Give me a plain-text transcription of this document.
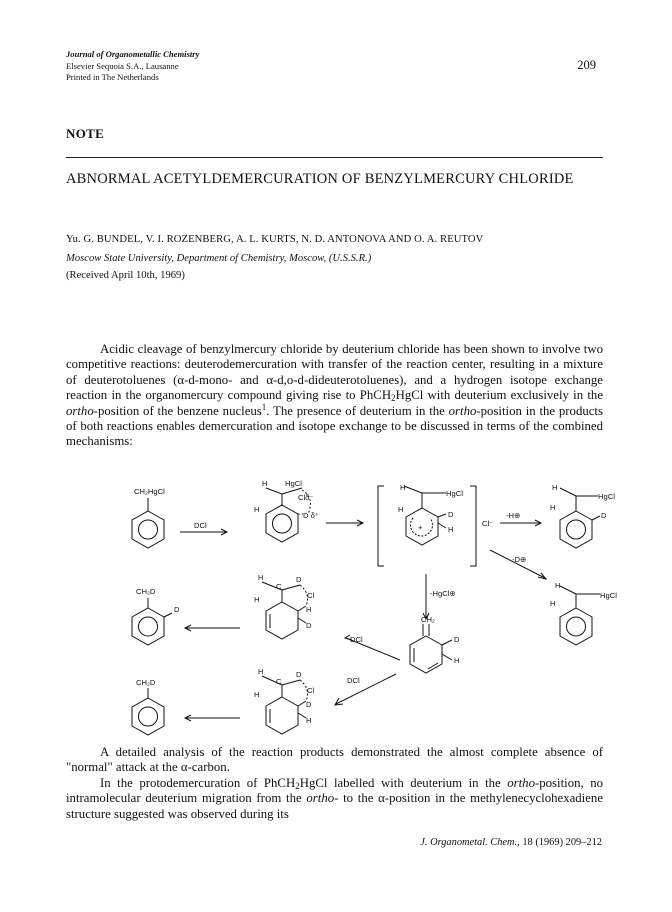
Journal of Organometallic Chemistry
Elsevier Sequoia S.A., Lausanne
Printed in The Netherlands
209
NOTE
ABNORMAL ACETYLDEMERCURATION OF BENZYLMERCURY CHLORIDE
Yu. G. BUNDEL, V. I. ROZENBERG, A. L. KURTS, N. D. ANTONOVA AND O. A. REUTOV
Moscow State University, Department of Chemistry, Moscow, (U.S.S.R.)
(Received April 10th, 1969)
Acidic cleavage of benzylmercury chloride by deuterium chloride has been shown to involve two competitive reactions: deuterodemercuration with transfer of the reaction center, resulting in a mixture of deuterotoluenes (α-d-mono- and α-d,o-d-dideuterotoluenes), and a hydrogen isotope exchange reaction in the organomercury compound giving rise to PhCH$_2$HgCl with deuterium exclusively in the ortho-position of the benzene nucleus$^1$. The presence of deuterium in the ortho-position in the products of both reactions enables demercuration and isotope exchange to be discussed in terms of the combined mechanisms:
CH₂HgCl
DCl
H HgCl
Clδ⁻
H
D δ⁺
H
HgCl
H
D
H
+	Cl⁻
-H⊕
H
HgCl
H
D
-D⊕
H
HgCl
H
-HgCl⊕
CH₂
D
H
DCl
DCl
H	D
C
Cl
H
H
D
H	D
C
Cl
H
D
H
CH₂D
D
CH₂D

A detailed analysis of the reaction products demonstrated the almost complete absence of "normal" attack at the α-carbon.

In the protodemercuration of PhCH$_2$HgCl labelled with deuterium in the ortho-position, no intramolecular deuterium migration from the ortho- to the α-position in the methylenecyclohexadiene structure suggested was observed during its

J. Organometal. Chem., 18 (1969) 209–212
